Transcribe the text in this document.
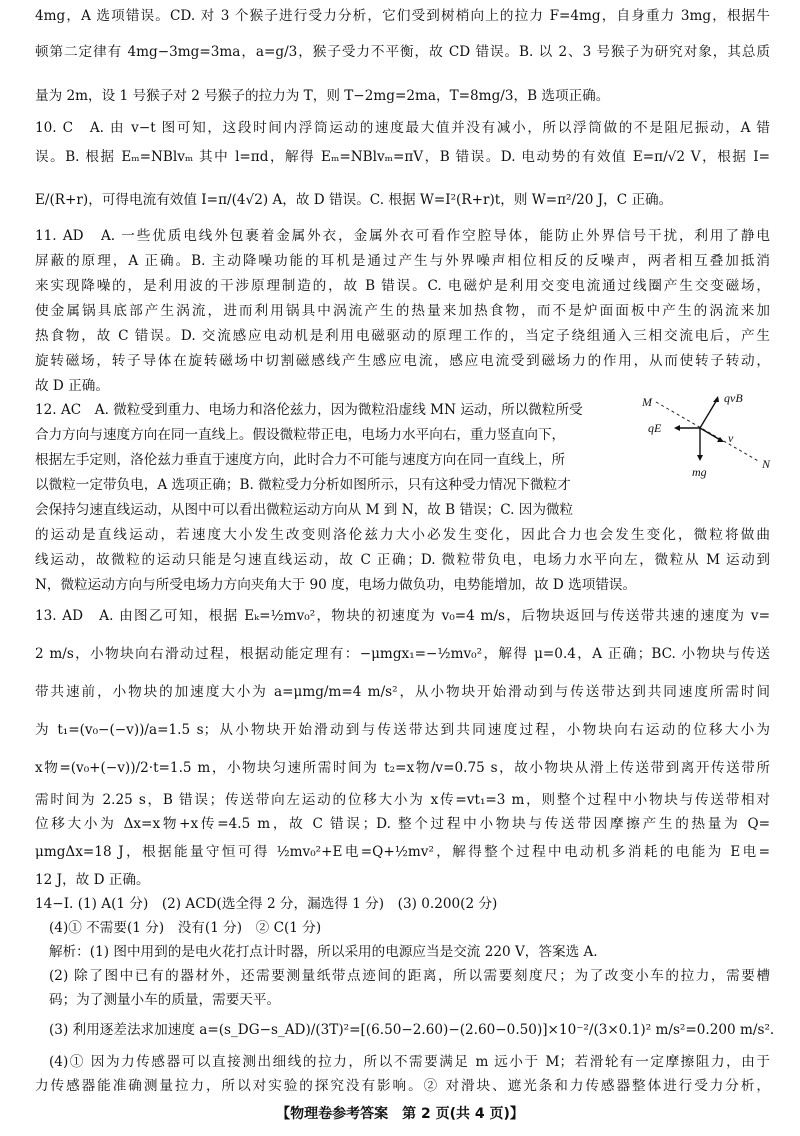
4mg，A 选项错误。CD. 对 3 个猴子进行受力分析，它们受到树梢向上的拉力 F=4mg，自身重力 3mg，根据牛
顿第二定律有 4mg−3mg=3ma，a=g/3，猴子受力不平衡，故 CD 错误。B. 以 2、3 号猴子为研究对象，其总质
量为 2m，设 1 号猴子对 2 号猴子的拉力为 T，则 T−2mg=2ma，T=8mg/3，B 选项正确。
10. C　A. 由 v−t 图可知，这段时间内浮筒运动的速度最大值并没有减小，所以浮筒做的不是阻尼振动，A 错
误。B. 根据 Eₘ=NBlvₘ 其中 l=πd，解得 Eₘ=NBlvₘ=πV，B 错误。D. 电动势的有效值 E=π/√2 V，根据 I=
E/(R+r)，可得电流有效值 I=π/(4√2) A，故 D 错误。C. 根据 W=I²(R+r)t，则 W=π²/20 J，C 正确。
11. AD　A. 一些优质电线外包裹着金属外衣，金属外衣可看作空腔导体，能防止外界信号干扰，利用了静电
屏蔽的原理，A 正确。B. 主动降噪功能的耳机是通过产生与外界噪声相位相反的反噪声，两者相互叠加抵消
来实现降噪的，是利用波的干涉原理制造的，故 B 错误。C. 电磁炉是利用交变电流通过线圈产生交变磁场，
使金属锅具底部产生涡流，进而利用锅具中涡流产生的热量来加热食物，而不是炉面面板中产生的涡流来加
热食物，故 C 错误。D. 交流感应电动机是利用电磁驱动的原理工作的，当定子绕组通入三相交流电后，产生
旋转磁场，转子导体在旋转磁场中切割磁感线产生感应电流，感应电流受到磁场力的作用，从而使转子转动，
故 D 正确。
12. AC　A. 微粒受到重力、电场力和洛伦兹力，因为微粒沿虚线 MN 运动，所以微粒所受
合力方向与速度方向在同一直线上。假设微粒带正电，电场力水平向右，重力竖直向下，
根据左手定则，洛伦兹力垂直于速度方向，此时合力不可能与速度方向在同一直线上，所
以微粒一定带负电，A 选项正确；B. 微粒受力分析如图所示，只有这种受力情况下微粒才
会保持匀速直线运动，从图中可以看出微粒运动方向从 M 到 N，故 B 错误；C. 因为微粒
的运动是直线运动，若速度大小发生改变则洛伦兹力大小必发生变化，因此合力也会发生变化，微粒将做曲
线运动，故微粒的运动只能是匀速直线运动，故 C 正确；D. 微粒带负电，电场力水平向左，微粒从 M 运动到
N，微粒运动方向与所受电场力方向夹角大于 90 度，电场力做负功，电势能增加，故 D 选项错误。
13. AD　A. 由图乙可知，根据 Eₖ=½mv₀²，物块的初速度为 v₀=4 m/s，后物块返回与传送带共速的速度为 v=
2 m/s，小物块向右滑动过程，根据动能定理有：−μmgx₁=−½mv₀²，解得 μ=0.4，A 正确；BC. 小物块与传送
带共速前，小物块的加速度大小为 a=μmg/m=4 m/s²，从小物块开始滑动到与传送带达到共同速度所需时间
为 t₁=(v₀−(−v))/a=1.5 s；从小物块开始滑动到与传送带达到共同速度过程，小物块向右运动的位移大小为
x物=(v₀+(−v))/2·t=1.5 m，小物块匀速所需时间为 t₂=x物/v=0.75 s，故小物块从滑上传送带到离开传送带所
需时间为 2.25 s，B 错误；传送带向左运动的位移大小为 x传=vt₁=3 m，则整个过程中小物块与传送带相对
位移大小为 Δx=x物+x传=4.5 m，故 C 错误；D. 整个过程中小物块与传送带因摩擦产生的热量为 Q=
μmgΔx=18 J，根据能量守恒可得 ½mv₀²+E电=Q+½mv²，解得整个过程中电动机多消耗的电能为 E电=
12 J，故 D 正确。
14−Ⅰ. (1) A(1 分)　(2) ACD(选全得 2 分，漏选得 1 分)　(3) 0.200(2 分)
(4)① 不需要(1 分)　没有(1 分)　② C(1 分)
解析：(1) 图中用到的是电火花打点计时器，所以采用的电源应当是交流 220 V，答案选 A.
(2) 除了图中已有的器材外，还需要测量纸带点迹间的距离，所以需要刻度尺；为了改变小车的拉力，需要槽
码；为了测量小车的质量，需要天平。
(3) 利用逐差法求加速度 a=(s_DG−s_AD)/(3T)²=[(6.50−2.60)−(2.60−0.50)]×10⁻²/(3×0.1)² m/s²=0.200 m/s².
(4)① 因为力传感器可以直接测出细线的拉力，所以不需要满足 m 远小于 M；若滑轮有一定摩擦阻力，由于
力传感器能准确测量拉力，所以对实验的探究没有影响。② 对滑块、遮光条和力传感器整体进行受力分析，
M	qvB
qE
v
N
mg
【物理卷参考答案　第 2 页(共 4 页)】
